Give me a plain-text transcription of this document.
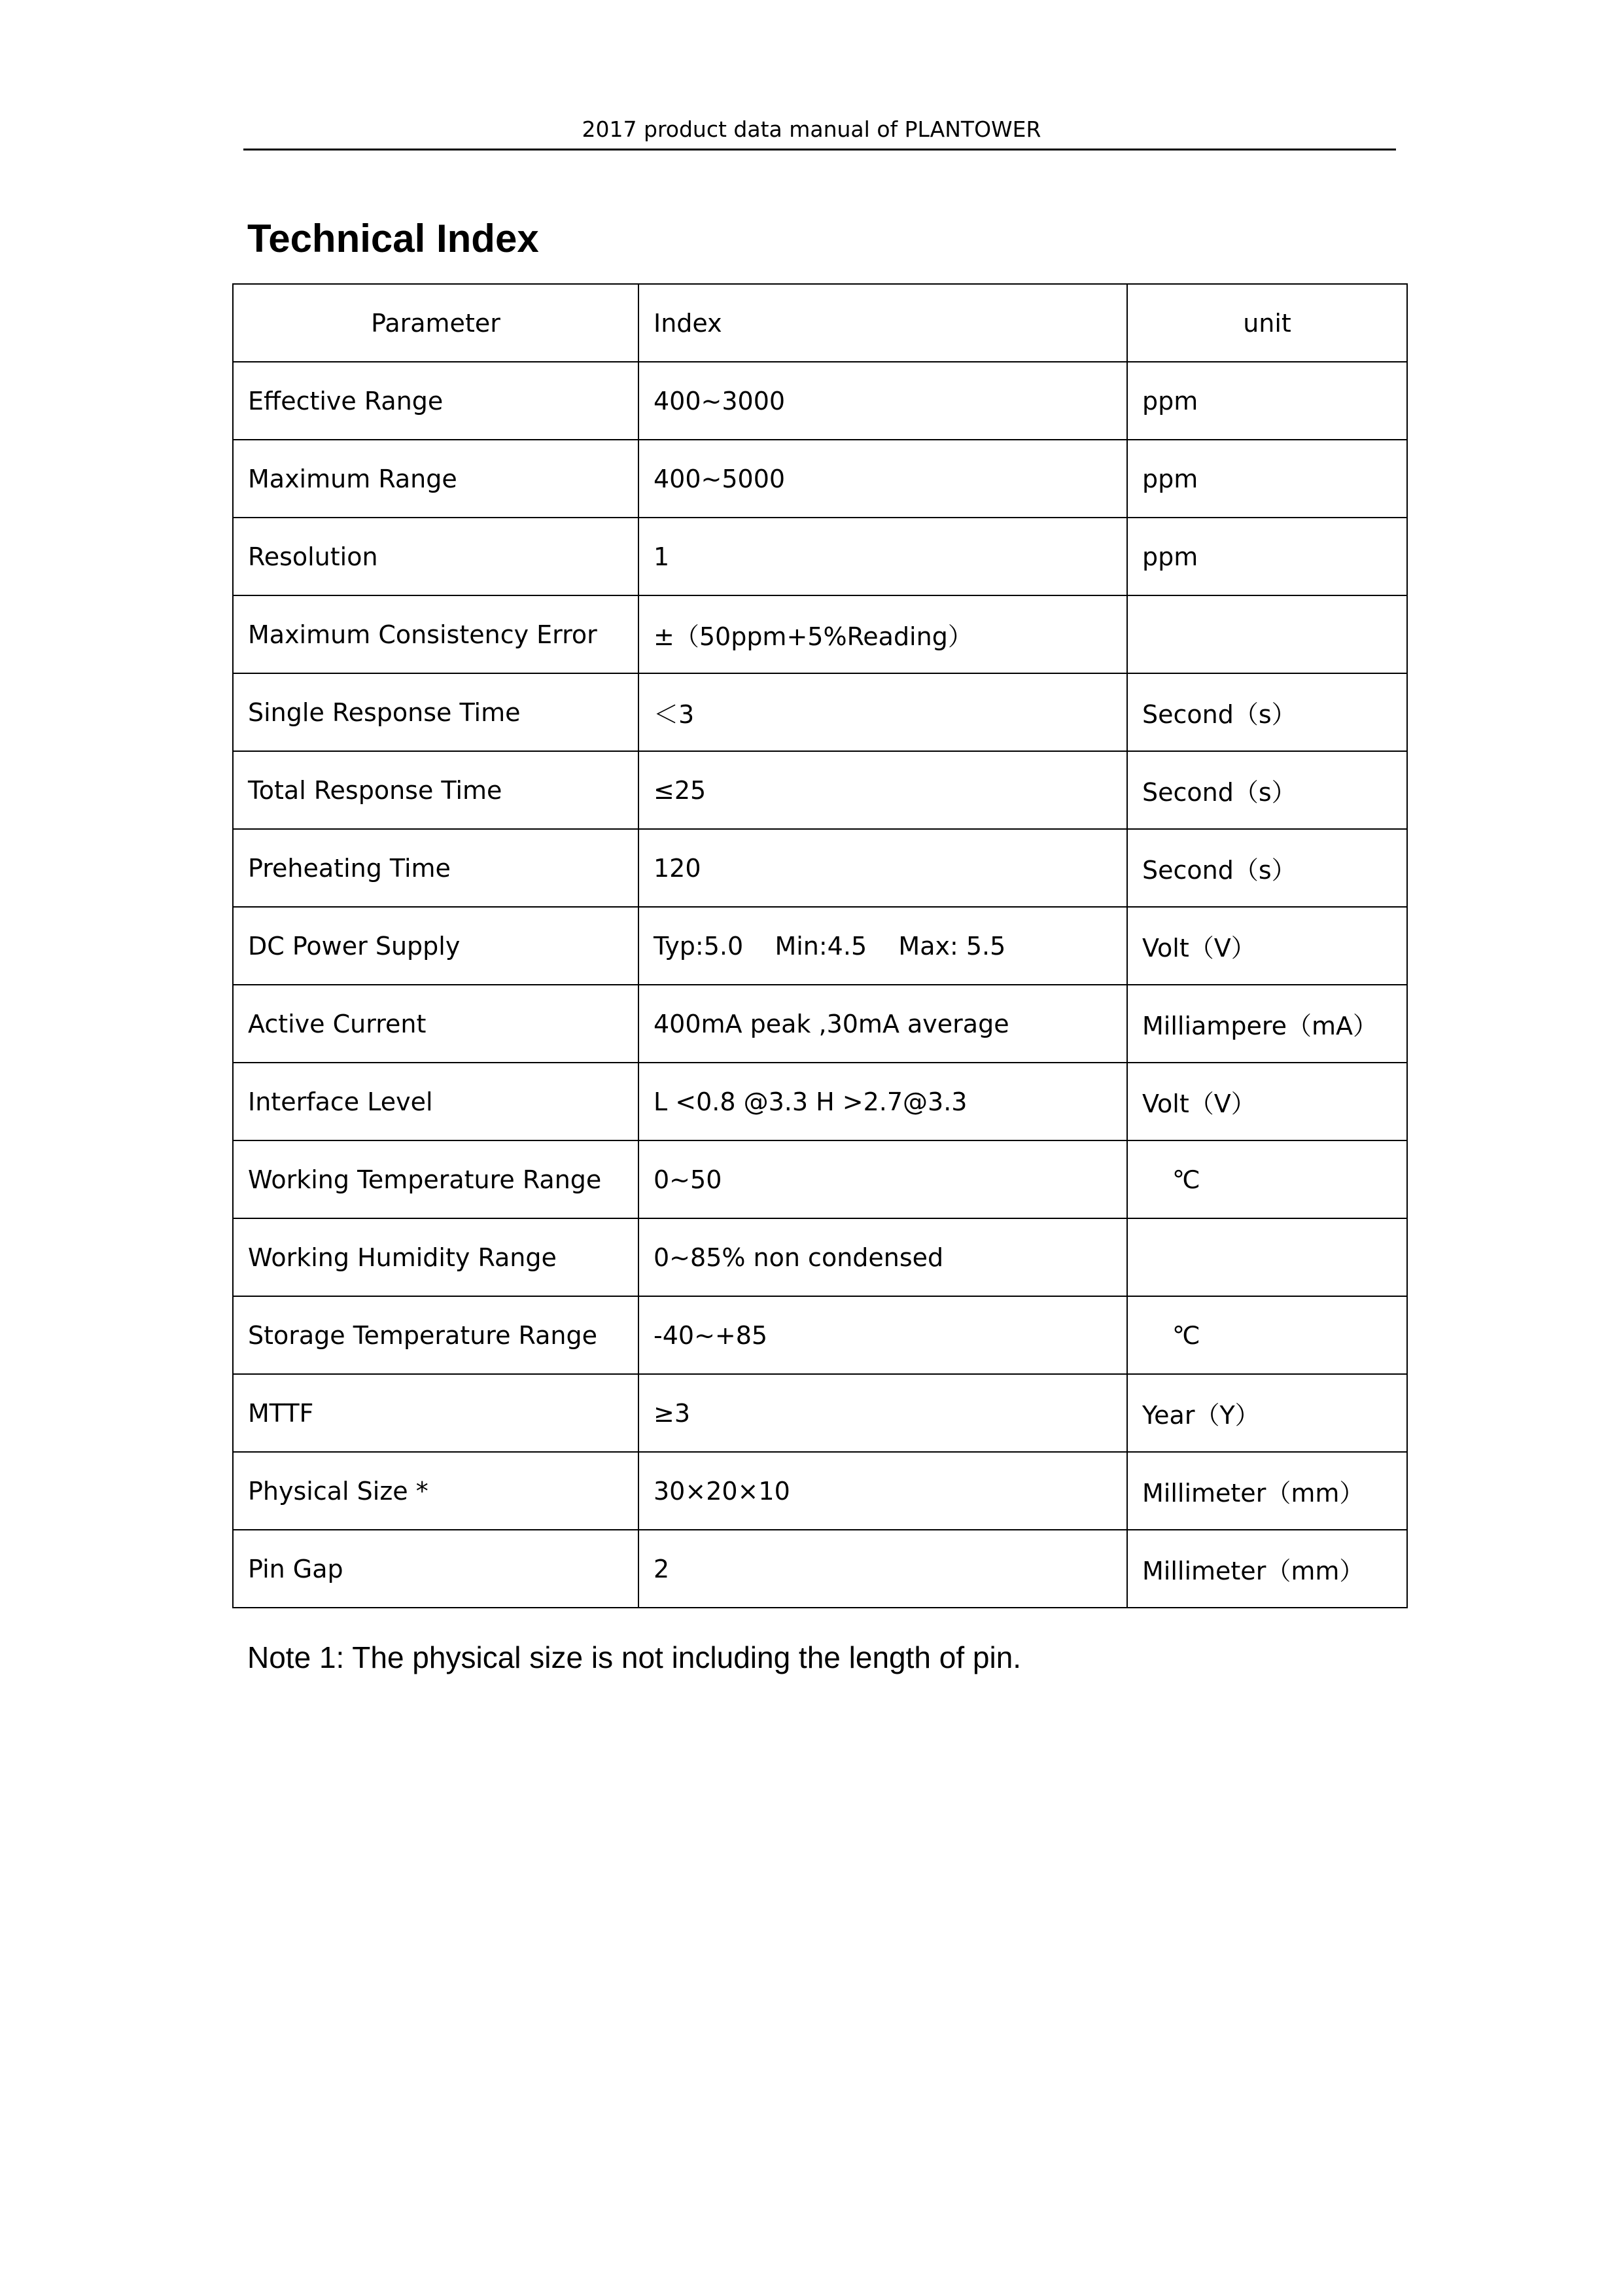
2017 product data manual of PLANTOWER
Technical Index
Parameter	Index	unit
Effective Range	400~3000	ppm
Maximum Range	400~5000	ppm
Resolution	1	ppm
Maximum Consistency Error	±（50ppm+5%Reading）	
Single Response Time	＜3	Second（s）
Total Response Time	≤25	Second（s）
Preheating Time	120	Second（s）
DC Power Supply	Typ:5.0    Min:4.5    Max: 5.5	Volt（V）
Active Current	400mA peak ,30mA average	Milliampere（mA）
Interface Level	L <0.8 @3.3 H >2.7@3.3	Volt（V）
Working Temperature Range	0~50	℃
Working Humidity Range	0~85% non condensed	
Storage Temperature Range	-40~+85	℃
MTTF	≥3	Year（Y）
Physical Size *	30×20×10	Millimeter（mm）
Pin Gap	2	Millimeter（mm）

Note 1: The physical size is not including the length of pin.
